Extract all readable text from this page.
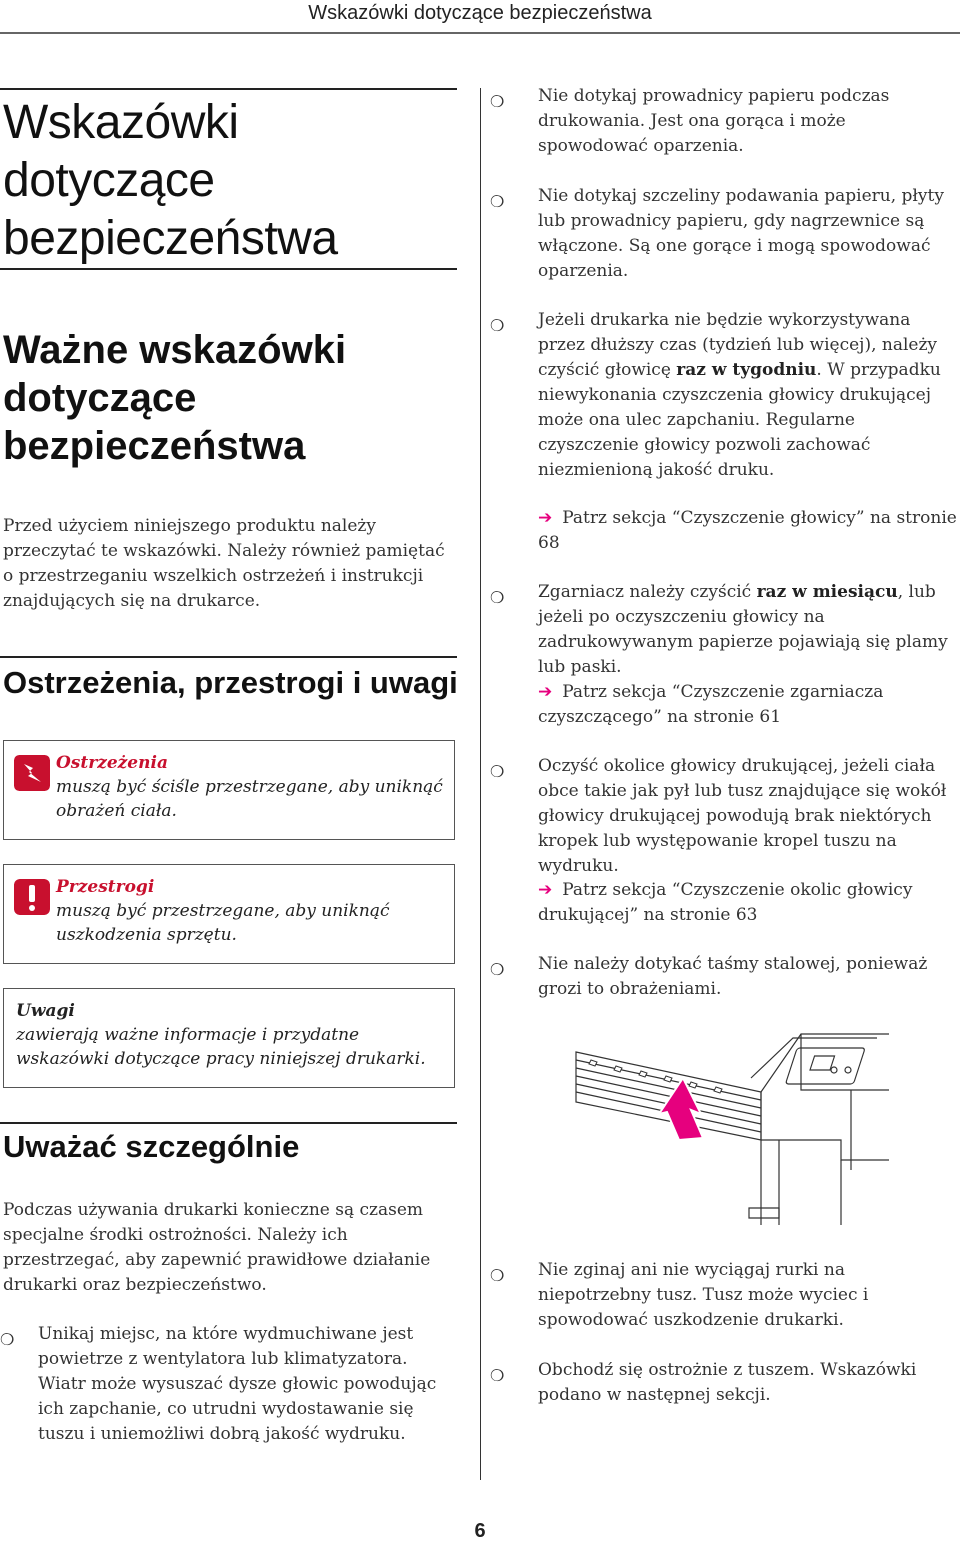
Wskazówki dotyczące bezpieczeństwa
Wskazówki dotyczące bezpieczeństwa
Ważne wskazówki dotyczące bezpieczeństwa

Przed użyciem niniejszego produktu należy przeczytać te wskazówki. Należy również pamiętać o przestrzeganiu wszelkich ostrzeżeń i instrukcji znajdujących się na drukarce.

Ostrzeżenia, przestrogi i uwagi
Ostrzeżenia
muszą być ściśle przestrzegane, aby uniknąć obrażeń ciała.
Przestrogi
muszą być przestrzegane, aby uniknąć uszkodzenia sprzętu.
Uwagi
zawierają ważne informacje i przydatne wskazówki dotyczące pracy niniejszej drukarki.
Uważać szczególnie

Podczas używania drukarki konieczne są czasem specjalne środki ostrożności. Należy ich przestrzegać, aby zapewnić prawidłowe działanie drukarki oraz bezpieczeństwo.

❍ Unikaj miejsc, na które wydmuchiwane jest powietrze z wentylatora lub klimatyzatora. Wiatr może wysuszać dysze głowic powodując ich zapchanie, co utrudni wydostawanie się tuszu i uniemożliwi dobrą jakość wydruku.
❍ Nie dotykaj prowadnicy papieru podczas drukowania. Jest ona gorąca i może spowodować oparzenia.
❍ Nie dotykaj szczeliny podawania papieru, płyty lub prowadnicy papieru, gdy nagrzewnice są włączone. Są one gorące i mogą spowodować oparzenia.
❍ Jeżeli drukarka nie będzie wykorzystywana przez dłuższy czas (tydzień lub więcej), należy czyścić głowicę raz w tygodniu. W przypadku niewykonania czyszczenia głowicy drukującej może ona ulec zapchaniu. Regularne czyszczenie głowicy pozwoli zachować niezmienioną jakość druku.
➔ Patrz sekcja “Czyszczenie głowicy” na stronie 68
❍ Zgarniacz należy czyścić raz w miesiącu, lub jeżeli po oczyszczeniu głowicy na zadrukowywanym papierze pojawiają się plamy lub paski.
➔ Patrz sekcja “Czyszczenie zgarniacza czyszczącego” na stronie 61
❍ Oczyść okolice głowicy drukującej, jeżeli ciała obce takie jak pył lub tusz znajdujące się wokół głowicy drukującej powodują brak niektórych kropek lub występowanie kropel tuszu na wydruku.
➔ Patrz sekcja “Czyszczenie okolic głowicy drukującej” na stronie 63
❍ Nie należy dotykać taśmy stalowej, ponieważ grozi to obrażeniami.
❍ Nie zginaj ani nie wyciągaj rurki na niepotrzebny tusz. Tusz może wyciec i spowodować uszkodzenie drukarki.
❍ Obchodź się ostrożnie z tuszem. Wskazówki podano w następnej sekcji.
6
